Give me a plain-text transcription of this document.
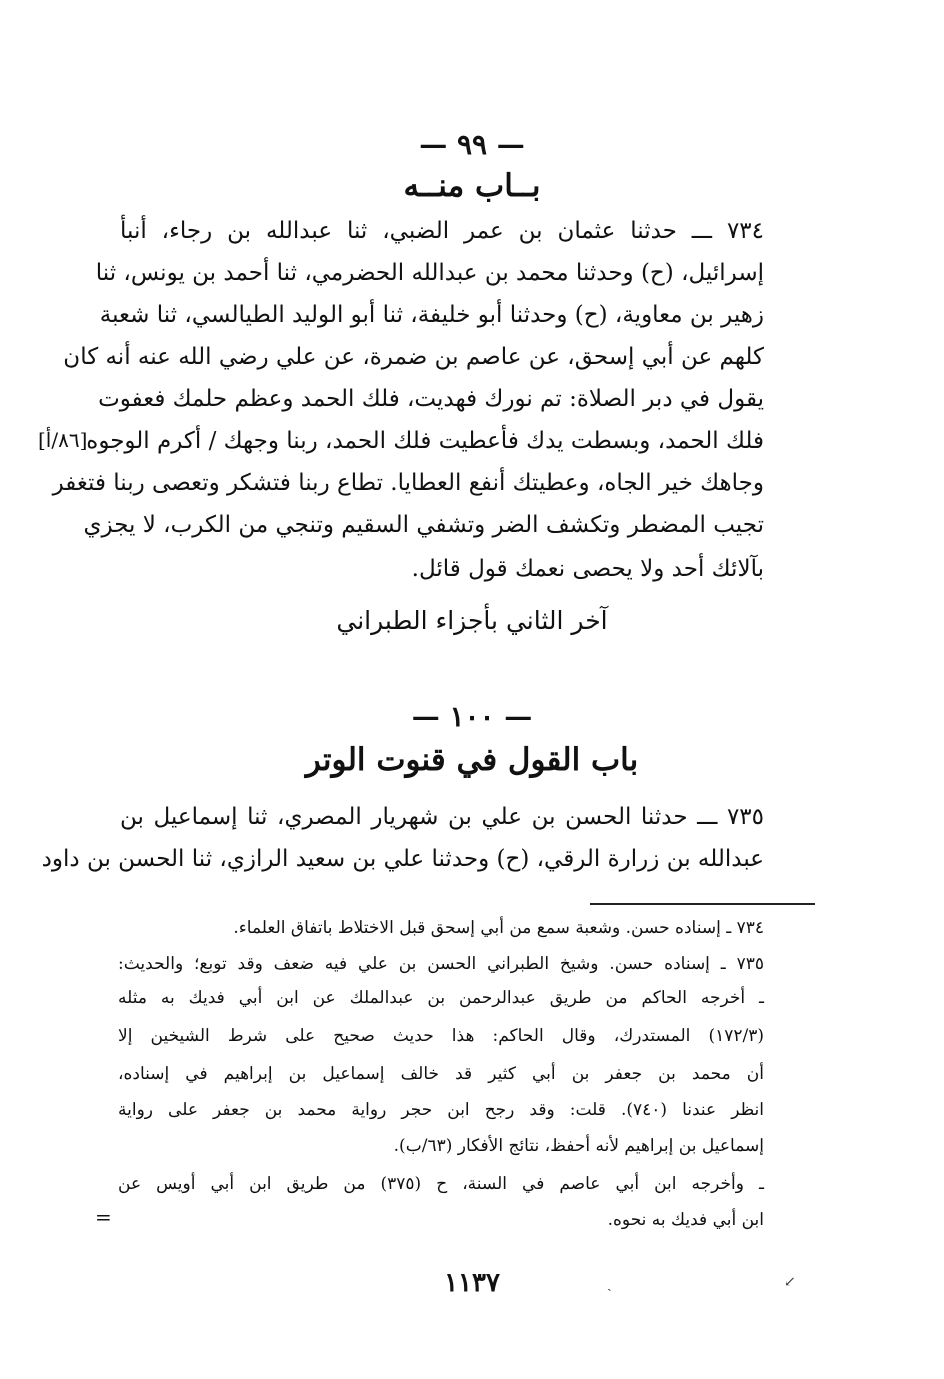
— ٩٩ —
بــاب منــه
٧٣٤ ـــ حدثنا عثمان بن عمر الضبي، ثنا عبدالله بن رجاء، أنبأ
إسرائيل، (ح) وحدثنا محمد بن عبدالله الحضرمي، ثنا أحمد بن يونس، ثنا
زهير بن معاوية، (ح) وحدثنا أبو خليفة، ثنا أبو الوليد الطيالسي، ثنا شعبة
كلهم عن أبي إسحق، عن عاصم بن ضمرة، عن علي رضي الله عنه أنه كان
يقول في دبر الصلاة: تم نورك فهديت، فلك الحمد وعظم حلمك فعفوت
فلك الحمد، وبسطت يدك فأعطيت فلك الحمد، ربنا وجهك / أكرم الوجوه
وجاهك خير الجاه، وعطيتك أنفع العطايا. تطاع ربنا فتشكر وتعصى ربنا فتغفر
تجيب المضطر وتكشف الضر وتشفي السقيم وتنجي من الكرب، لا يجزي
بآلائك أحد ولا يحصى نعمك قول قائل.
[٨٦/أ]
آخر الثاني بأجزاء الطبراني
— ١٠٠ —
باب القول في قنوت الوتر
٧٣٥ ـــ حدثنا الحسن بن علي بن شهريار المصري، ثنا إسماعيل بن
عبدالله بن زرارة الرقي، (ح) وحدثنا علي بن سعيد الرازي، ثنا الحسن بن داود
٧٣٤ ـ إسناده حسن. وشعبة سمع من أبي إسحق قبل الاختلاط باتفاق العلماء.
٧٣٥ ـ إسناده حسن. وشيخ الطبراني الحسن بن علي فيه ضعف وقد توبع؛ والحديث:
ـ أخرجه الحاكم من طريق عبدالرحمن بن عبدالملك عن ابن أبي فديك به مثله
(١٧٢/٣) المستدرك، وقال الحاكم: هذا حديث صحيح على شرط الشيخين إلا
أن محمد بن جعفر بن أبي كثير قد خالف إسماعيل بن إبراهيم في إسناده،
انظر عندنا (٧٤٠). قلت: وقد رجح ابن حجر رواية محمد بن جعفر على رواية
إسماعيل بن إبراهيم لأنه أحفظ، نتائج الأفكار (٦٣/ب).
ـ وأخرجه ابن أبي عاصم في السنة، ح (٣٧٥) من طريق ابن أبي أويس عن
ابن أبي فديك به نحوه.
=
١١٣٧	ˏ	↙
